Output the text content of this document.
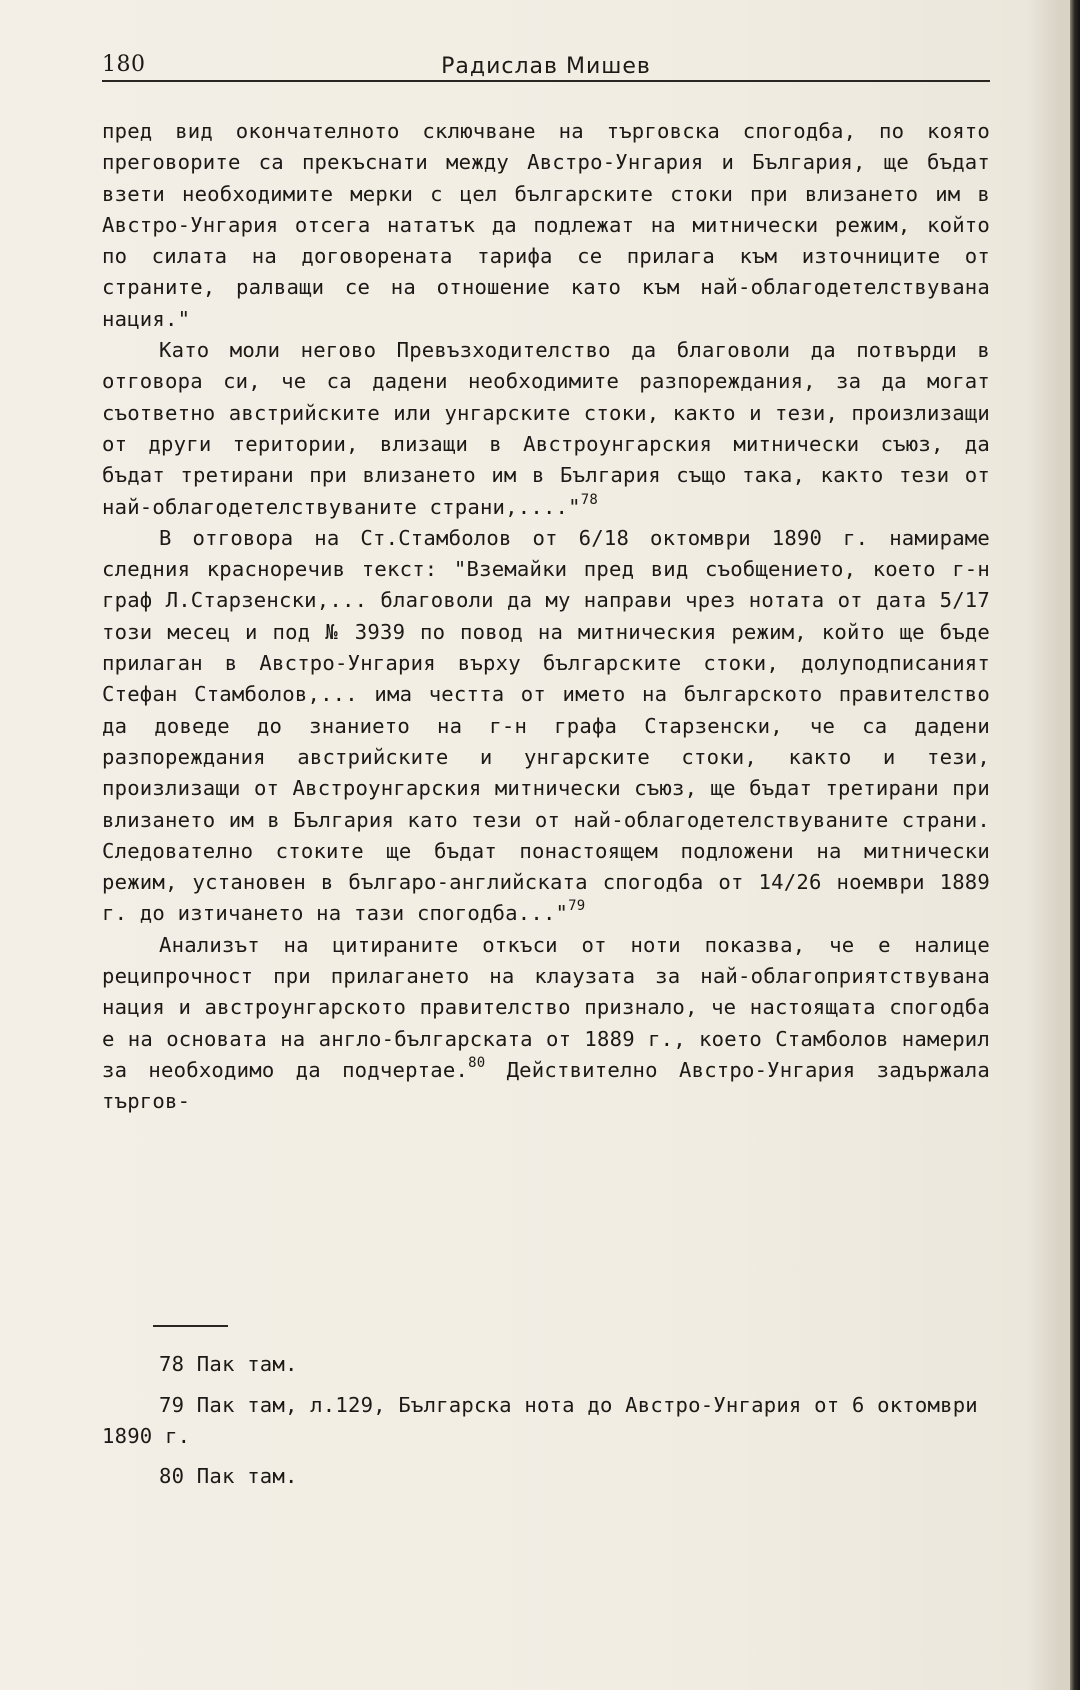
180	Радислав Мишев

пред вид окончателното сключване на търговска спогодба, по която преговорите са прекъснати между Австро-Унгария и България, ще бъдат взети необходимите мерки с цел българските стоки при влизането им в Австро-Унгария отсега нататък да подлежат на митнически режим, който по силата на договорената тарифа се прилага към източниците от страните, ралващи се на отношение като към най-облагодетелствувана нация."

Като моли негово Превъзходителство да благоволи да потвърди в отговора си, че са дадени необходимите разпореждания, за да могат съответно австрийските или унгарските стоки, както и тези, произлизащи от други територии, влизащи в Австроунгарския митнически съюз, да бъдат третирани при влизането им в България също така, както тези от най-облагодетелствуваните страни,...."$^{78}$

В отговора на Ст.Стамболов от 6/18 октомври 1890 г. намираме следния красноречив текст: "Вземайки пред вид съобщението, което г-н граф Л.Старзенски,... благоволи да му направи чрез нотата от дата 5/17 този месец и под № 3939 по повод на митническия режим, който ще бъде прилаган в Австро-Унгария върху българските стоки, долуподписаният Стефан Стамболов,... има честта от името на българското правителство да доведе до знанието на г-н графа Старзенски, че са дадени разпореждания австрийските и унгарските стоки, както и тези, произлизащи от Австроунгарския митнически съюз, ще бъдат третирани при влизането им в България като тези от най-облагодетелствуваните страни. Следователно стоките ще бъдат понастоящем подложени на митнически режим, установен в българо-английската спогодба от 14/26 ноември 1889 г. до изтичането на тази спогодба..."$^{79}$

Анализът на цитираните откъси от ноти показва, че е налице реципрочност при прилагането на клаузата за най-облагоприятствувана нация и австроунгарското правителство признало, че настоящата спогодба е на основата на англо-българската от 1889 г., което Стамболов намерил за необходимо да подчертае.$^{80}$ Действително Австро-Унгария задържала търгов-

78 Пак там.
79 Пак там, л.129, Българска нота до Австро-Унгария от 6 октомври 1890 г.
80 Пак там.
